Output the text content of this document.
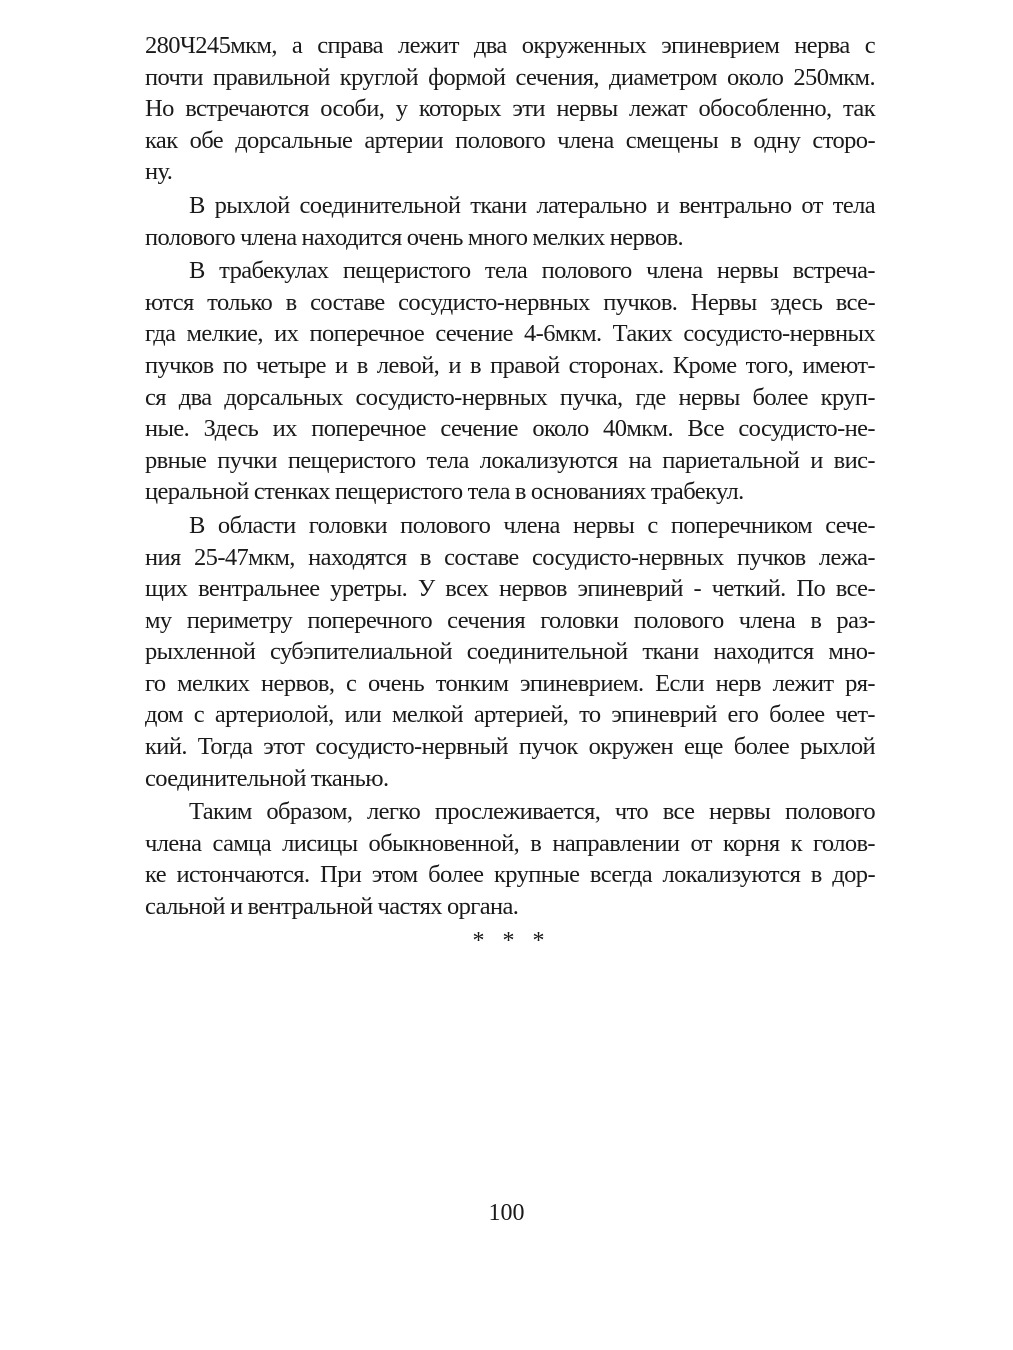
280Ч245мкм, а справа лежит два окруженных эпиневрием нерва с
почти правильной круглой формой сечения, диаметром около 250мкм.
Но встречаются особи, у которых эти нервы лежат обособленно, так
как обе дорсальные артерии полового члена смещены в одну сторо-
ну.
В рыхлой соединительной ткани латерально и вентрально от тела
полового члена находится очень много мелких нервов.
В трабекулах пещеристого тела полового члена нервы встреча-
ются только в составе сосудисто-нервных пучков. Нервы здесь все-
гда мелкие, их поперечное сечение 4-6мкм. Таких сосудисто-нервных
пучков по четыре и в левой, и в правой сторонах. Кроме того, имеют-
ся два дорсальных сосудисто-нервных пучка, где нервы более круп-
ные. Здесь их поперечное сечение около 40мкм. Все сосудисто-не-
рвные пучки пещеристого тела локализуются на париетальной и вис-
церальной стенках пещеристого тела в основаниях трабекул.
В области головки полового члена нервы с поперечником сече-
ния 25-47мкм, находятся в составе сосудисто-нервных пучков лежа-
щих вентральнее уретры. У всех нервов эпиневрий - четкий. По все-
му периметру поперечного сечения головки полового члена в раз-
рыхленной субэпителиальной соединительной ткани находится мно-
го мелких нервов, с очень тонким эпиневрием. Если нерв лежит ря-
дом с артериолой, или мелкой артерией, то эпиневрий его более чет-
кий. Тогда этот сосудисто-нервный пучок окружен еще более рыхлой
соединительной тканью.
Таким образом, легко прослеживается, что все нервы полового
члена самца лисицы обыкновенной, в направлении от корня к голов-
ке истончаются. При этом более крупные всегда локализуются в дор-
сальной и вентральной частях органа.
* * *
100
